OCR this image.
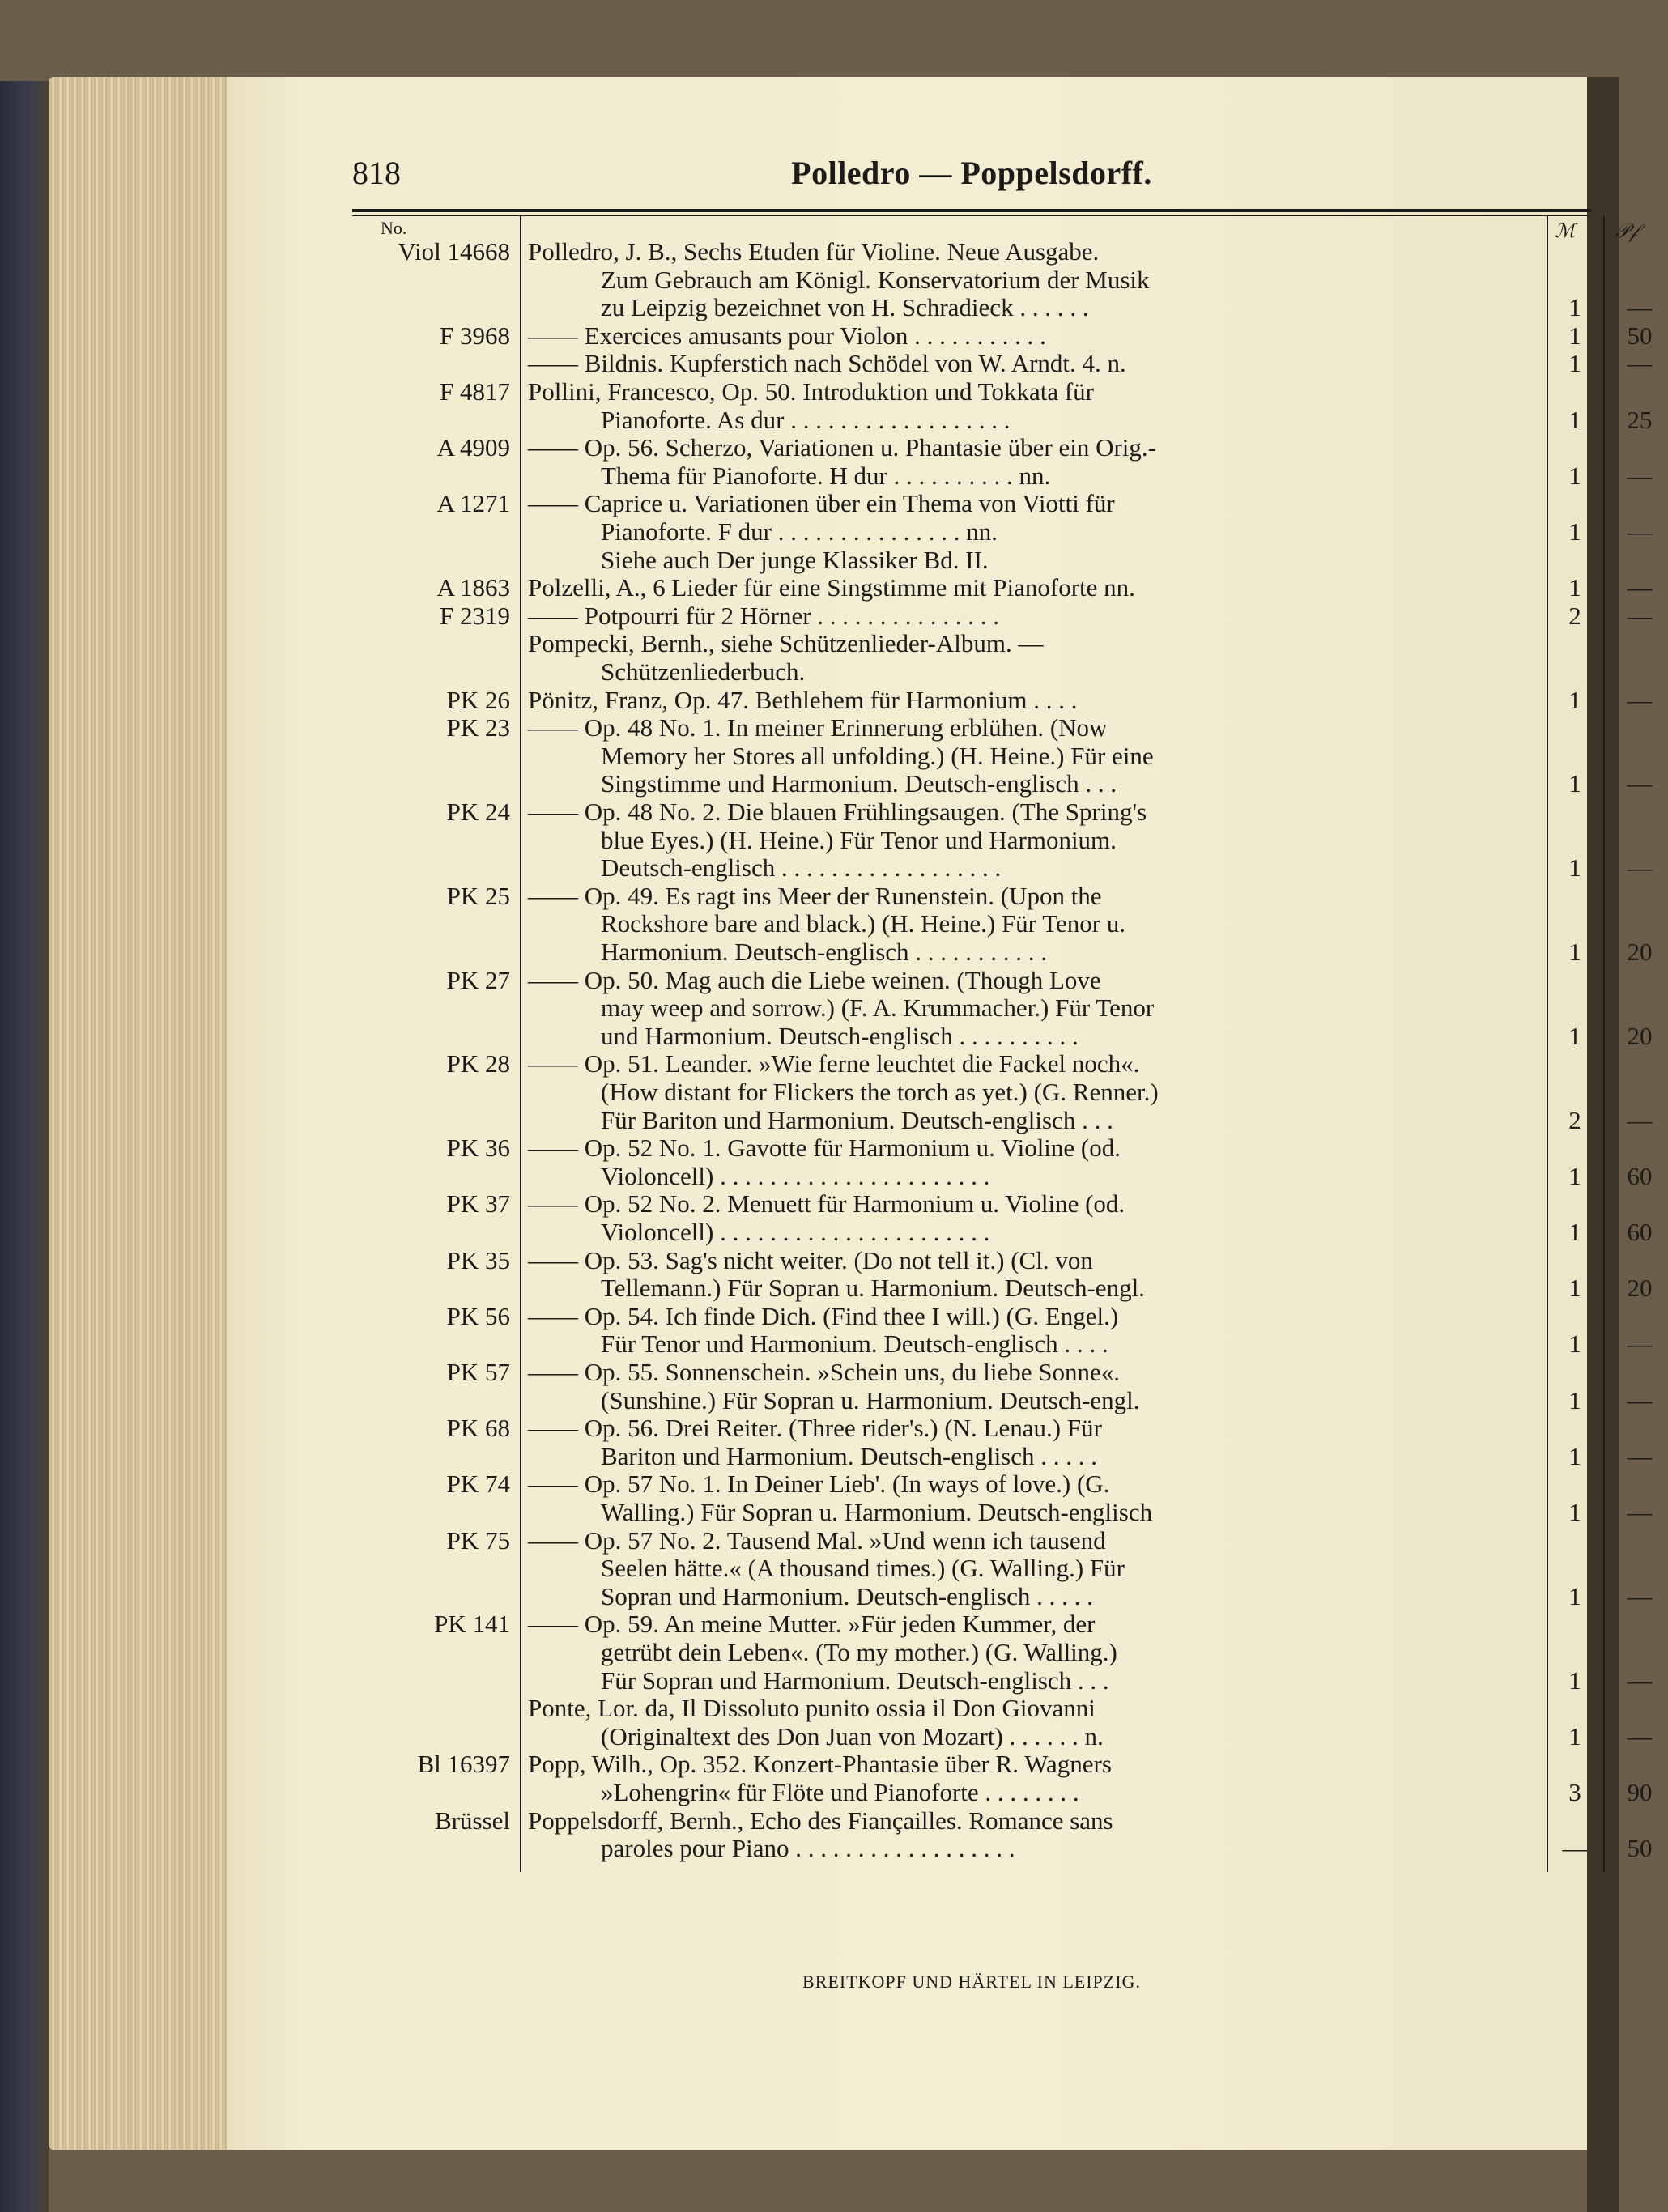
818	Polledro — Poppelsdorff.
ℳ 𝒫𝒻
No.
Viol 14668 Polledro, J. B., Sechs Etuden für Violine. Neue Ausgabe.
Zum Gebrauch am Königl. Konservatorium der Musik
zu Leipzig bezeichnet von H. Schradieck . . . . . .	1	—
F 3968 —— Exercices amusants pour Violon . . . . . . . . . . .	1	50
—— Bildnis. Kupferstich nach Schödel von W. Arndt. 4. n.	1	—
F 4817 Pollini, Francesco, Op. 50. Introduktion und Tokkata für
Pianoforte. As dur . . . . . . . . . . . . . . . . . .	1	25
A 4909 —— Op. 56. Scherzo, Variationen u. Phantasie über ein Orig.-
Thema für Pianoforte. H dur . . . . . . . . . . nn.	1	—
A 1271 —— Caprice u. Variationen über ein Thema von Viotti für
Pianoforte. F dur . . . . . . . . . . . . . . . nn.	1	—
Siehe auch Der junge Klassiker Bd. II.
A 1863 Polzelli, A., 6 Lieder für eine Singstimme mit Pianoforte nn.	1	—
F 2319 —— Potpourri für 2 Hörner . . . . . . . . . . . . . . .	2	—
Pompecki, Bernh., siehe Schützenlieder-Album. —
Schützenliederbuch.
PK 26 Pönitz, Franz, Op. 47. Bethlehem für Harmonium . . . .	1	—
PK 23 —— Op. 48 No. 1. In meiner Erinnerung erblühen. (Now
Memory her Stores all unfolding.) (H. Heine.) Für eine
Singstimme und Harmonium. Deutsch-englisch . . .	1	—
PK 24 —— Op. 48 No. 2. Die blauen Frühlingsaugen. (The Spring's
blue Eyes.) (H. Heine.) Für Tenor und Harmonium.
Deutsch-englisch . . . . . . . . . . . . . . . . . .	1	—
PK 25 —— Op. 49. Es ragt ins Meer der Runenstein. (Upon the
Rockshore bare and black.) (H. Heine.) Für Tenor u.
Harmonium. Deutsch-englisch . . . . . . . . . . .	1	20
PK 27 —— Op. 50. Mag auch die Liebe weinen. (Though Love
may weep and sorrow.) (F. A. Krummacher.) Für Tenor
und Harmonium. Deutsch-englisch . . . . . . . . . .	1	20
PK 28 —— Op. 51. Leander. »Wie ferne leuchtet die Fackel noch«.
(How distant for Flickers the torch as yet.) (G. Renner.)
Für Bariton und Harmonium. Deutsch-englisch . . .	2	—
PK 36 —— Op. 52 No. 1. Gavotte für Harmonium u. Violine (od.
Violoncell) . . . . . . . . . . . . . . . . . . . . . .	1	60
PK 37 —— Op. 52 No. 2. Menuett für Harmonium u. Violine (od.
Violoncell) . . . . . . . . . . . . . . . . . . . . . .	1	60
PK 35 —— Op. 53. Sag's nicht weiter. (Do not tell it.) (Cl. von
Tellemann.) Für Sopran u. Harmonium. Deutsch-engl.	1	20
PK 56 —— Op. 54. Ich finde Dich. (Find thee I will.) (G. Engel.)
Für Tenor und Harmonium. Deutsch-englisch . . . .	1	—
PK 57 —— Op. 55. Sonnenschein. »Schein uns, du liebe Sonne«.
(Sunshine.) Für Sopran u. Harmonium. Deutsch-engl.	1	—
PK 68 —— Op. 56. Drei Reiter. (Three rider's.) (N. Lenau.) Für
Bariton und Harmonium. Deutsch-englisch . . . . .	1	—
PK 74 —— Op. 57 No. 1. In Deiner Lieb'. (In ways of love.) (G.
Walling.) Für Sopran u. Harmonium. Deutsch-englisch	1	—
PK 75 —— Op. 57 No. 2. Tausend Mal. »Und wenn ich tausend
Seelen hätte.« (A thousand times.) (G. Walling.) Für
Sopran und Harmonium. Deutsch-englisch . . . . .	1	—
PK 141 —— Op. 59. An meine Mutter. »Für jeden Kummer, der
getrübt dein Leben«. (To my mother.) (G. Walling.)
Für Sopran und Harmonium. Deutsch-englisch . . .	1	—
Ponte, Lor. da, Il Dissoluto punito ossia il Don Giovanni
(Originaltext des Don Juan von Mozart) . . . . . . n.	1	—
Bl 16397 Popp, Wilh., Op. 352. Konzert-Phantasie über R. Wagners
»Lohengrin« für Flöte und Pianoforte . . . . . . . .	3	90
Brüssel Poppelsdorff, Bernh., Echo des Fiançailles. Romance sans
paroles pour Piano . . . . . . . . . . . . . . . . . .	—	50
BREITKOPF UND HÄRTEL IN LEIPZIG.
